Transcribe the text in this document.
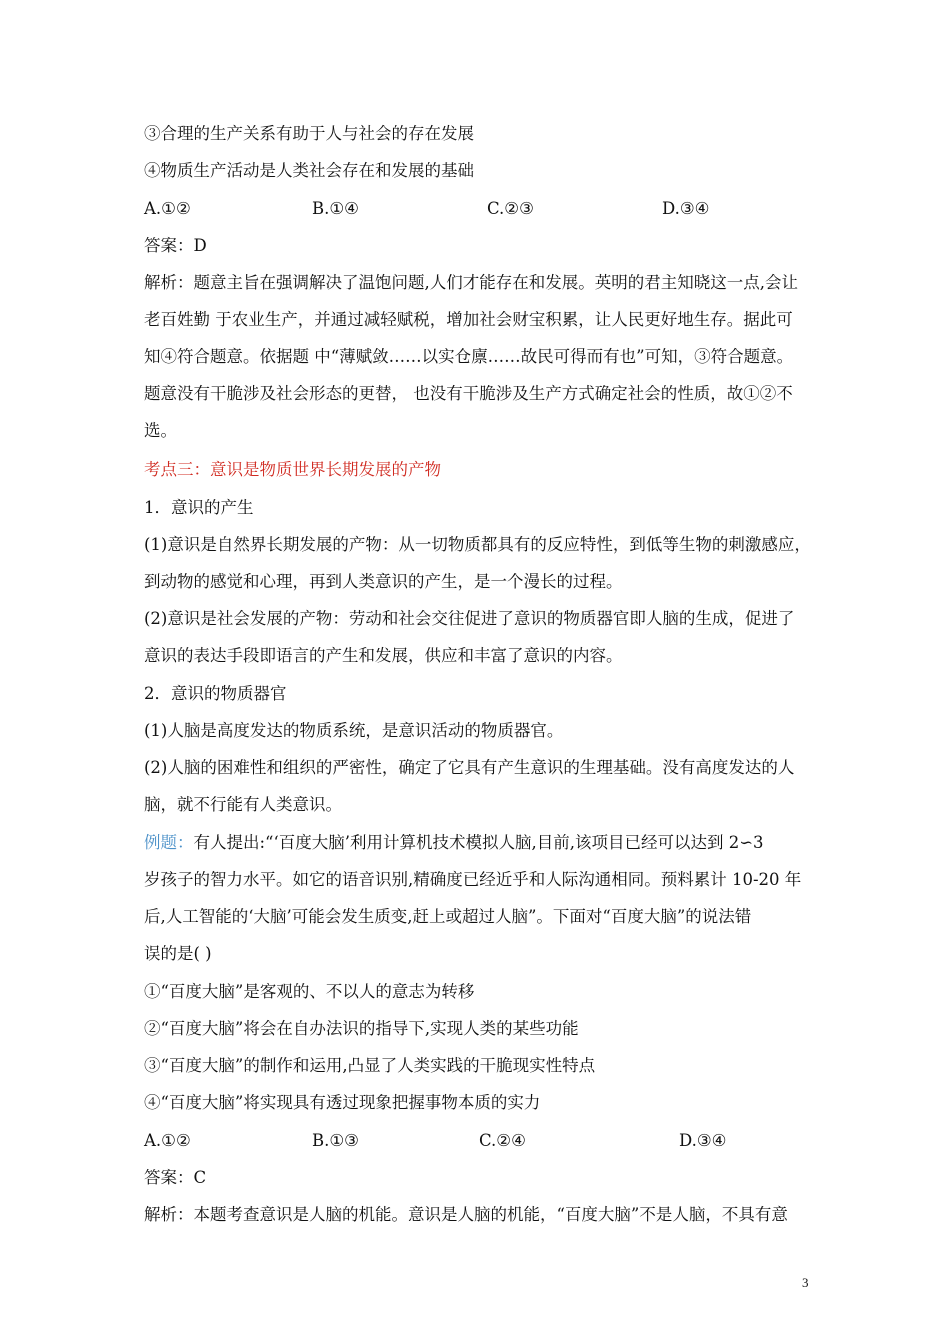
③合理的生产关系有助于人与社会的存在发展
④物质生产活动是人类社会存在和发展的基础
A.①②	B.①④	C.②③	D.③④
答案：D
解析：题意主旨在强调解决了温饱问题,人们才能存在和发展。英明的君主知晓这一点,会让
老百姓勤 于农业生产，并通过减轻赋税，增加社会财宝积累，让人民更好地生存。据此可
知④符合题意。依据题 中“薄赋敛……以实仓廪……故民可得而有也”可知，③符合题意。
题意没有干脆涉及社会形态的更替， 也没有干脆涉及生产方式确定社会的性质，故①②不
选。
考点三：意识是物质世界长期发展的产物
1．意识的产生
(1)意识是自然界长期发展的产物：从一切物质都具有的反应特性，到低等生物的刺激感应，
到动物的感觉和心理，再到人类意识的产生，是一个漫长的过程。
(2)意识是社会发展的产物：劳动和社会交往促进了意识的物质器官即人脑的生成，促进了
意识的表达手段即语言的产生和发展，供应和丰富了意识的内容。
2．意识的物质器官
(1)人脑是高度发达的物质系统，是意识活动的物质器官。
(2)人脑的困难性和组织的严密性，确定了它具有产生意识的生理基础。没有高度发达的人
脑，就不行能有人类意识。
例题：有人提出:“‘百度大脑’利用计算机技术模拟人脑,目前,该项目已经可以达到 2∽3
岁孩子的智力水平。如它的语音识别,精确度已经近乎和人际沟通相同。预料累计 10-20 年
后,人工智能的‘大脑’可能会发生质变,赶上或超过人脑”。下面对“百度大脑”的说法错
误的是( )
①“百度大脑”是客观的、不以人的意志为转移
②“百度大脑”将会在自办法识的指导下,实现人类的某些功能
③“百度大脑”的制作和运用,凸显了人类实践的干脆现实性特点
④“百度大脑”将实现具有透过现象把握事物本质的实力
A.①②	B.①③	C.②④	D.③④
答案：C
解析：本题考查意识是人脑的机能。意识是人脑的机能，“百度大脑”不是人脑，不具有意
3
